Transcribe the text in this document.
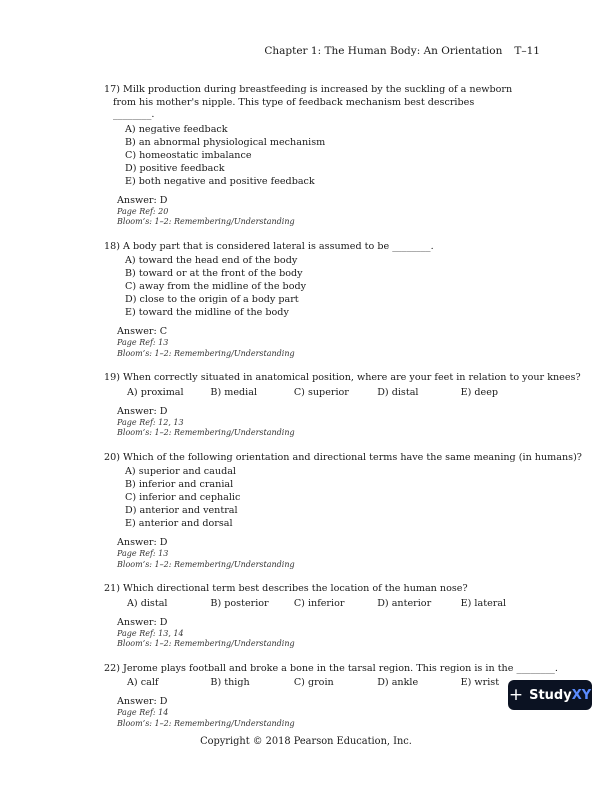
Chapter 1: The Human Body: An Orientation T–11
17) Milk production during breastfeeding is increased by the suckling of a newborn from his mother's nipple. This type of feedback mechanism best describes ________.
A) negative feedback
B) an abnormal physiological mechanism
C) homeostatic imbalance
D) positive feedback
E) both negative and positive feedback
Answer: D
Page Ref: 20
Bloom’s: 1–2: Remembering/Understanding
18) A body part that is considered lateral is assumed to be ________.
A) toward the head end of the body
B) toward or at the front of the body
C) away from the midline of the body
D) close to the origin of a body part
E) toward the midline of the body
Answer: C
Page Ref: 13
Bloom’s: 1–2: Remembering/Understanding
19) When correctly situated in anatomical position, where are your feet in relation to your knees?
A) proximal	B) medial	C) superior	D) distal	E) deep
Answer: D
Page Ref: 12, 13
Bloom’s: 1–2: Remembering/Understanding
20) Which of the following orientation and directional terms have the same meaning (in humans)?
A) superior and caudal
B) inferior and cranial
C) inferior and cephalic
D) anterior and ventral
E) anterior and dorsal
Answer: D
Page Ref: 13
Bloom’s: 1–2: Remembering/Understanding
21) Which directional term best describes the location of the human nose?
A) distal	B) posterior	C) inferior	D) anterior	E) lateral
Answer: D
Page Ref: 13, 14
Bloom’s: 1–2: Remembering/Understanding
22) Jerome plays football and broke a bone in the tarsal region. This region is in the ________.
A) calf	B) thigh	C) groin	D) ankle	E) wrist
Answer: D
Page Ref: 14
Bloom’s: 1–2: Remembering/Understanding
+ StudyXY
Copyright © 2018 Pearson Education, Inc.
